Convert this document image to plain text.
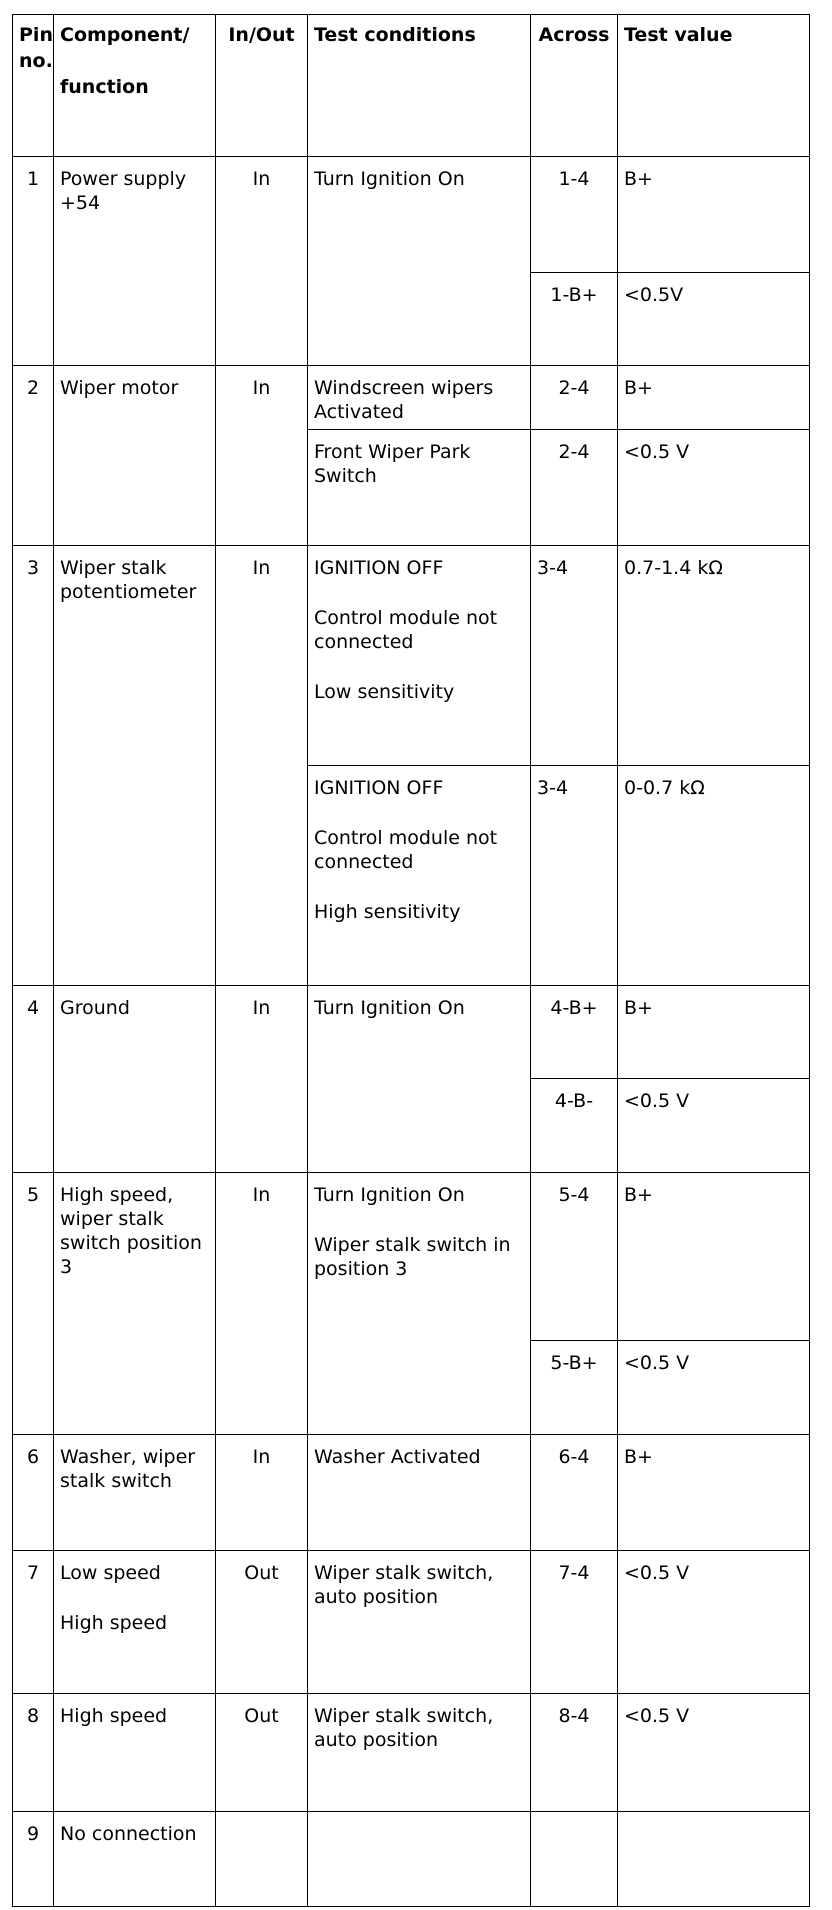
Pin
no.	Component/
function	In/Out	Test conditions	Across	Test value
1	Power supply +54	In	Turn Ignition On	1-4	B+
				1-B+	<0.5V
2	Wiper motor	In	Windscreen wipers Activated	2-4	B+
			Front Wiper Park Switch	2-4	<0.5 V
3	Wiper stalk potentiometer	In	IGNITION OFF
Control module not connected
Low sensitivity	3-4	0.7-1.4 kΩ

			IGNITION OFF
Control module not connected
High sensitivity	3-4	0-0.7 kΩ
4	Ground	In	Turn Ignition On	4-B+	B+
				4-B-	<0.5 V
5	High speed, wiper stalk switch position 3	In	Turn Ignition On
Wiper stalk switch in position 3	5-4	B+
				5-B+	<0.5 V
6	Washer, wiper stalk switch	In	Washer Activated	6-4	B+
7	Low speed
High speed	Out	Wiper stalk switch, auto position	7-4	<0.5 V
8	High speed	Out	Wiper stalk switch, auto position	8-4	<0.5 V
9	No connection				
